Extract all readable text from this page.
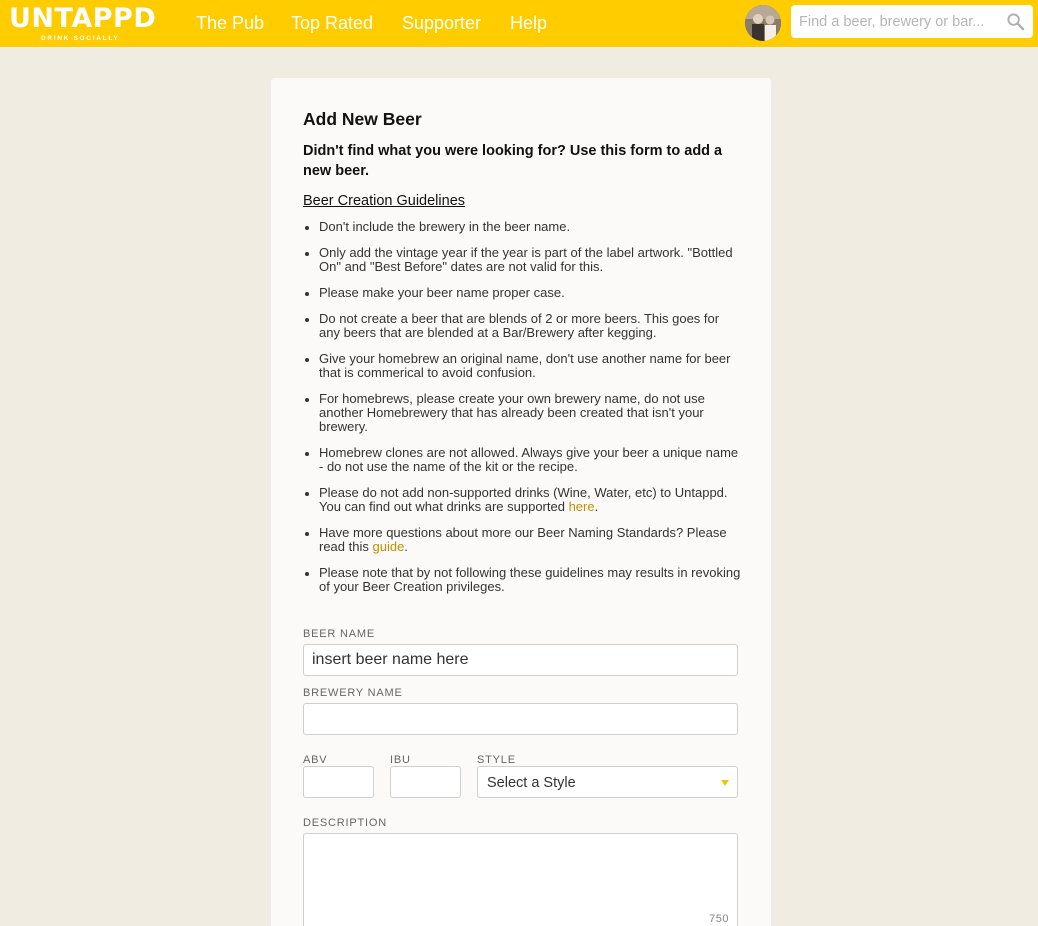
UNTAPPD
DRINK SOCIALLY
The Pub Top Rated Supporter Help
Find a beer, brewery or bar...
Add New Beer

Didn't find what you were looking for? Use this form to add a new beer.

Beer Creation Guidelines
Don't include the brewery in the beer name.
Only add the vintage year if the year is part of the label artwork. "Bottled On" and "Best Before" dates are not valid for this.
Please make your beer name proper case.
Do not create a beer that are blends of 2 or more beers. This goes for any beers that are blended at a Bar/Brewery after kegging.
Give your homebrew an original name, don't use another name for beer that is commerical to avoid confusion.
For homebrews, please create your own brewery name, do not use another Homebrewery that has already been created that isn't your brewery.
Homebrew clones are not allowed. Always give your beer a unique name - do not use the name of the kit or the recipe.
Please do not add non-supported drinks (Wine, Water, etc) to Untappd. You can find out what drinks are supported here.
Have more questions about more our Beer Naming Standards? Please read this guide.
Please note that by not following these guidelines may results in revoking of your Beer Creation privileges.
BEER NAME
insert beer name here
BREWERY NAME
ABV	IBU	STYLE
Select a Style
DESCRIPTION
750
